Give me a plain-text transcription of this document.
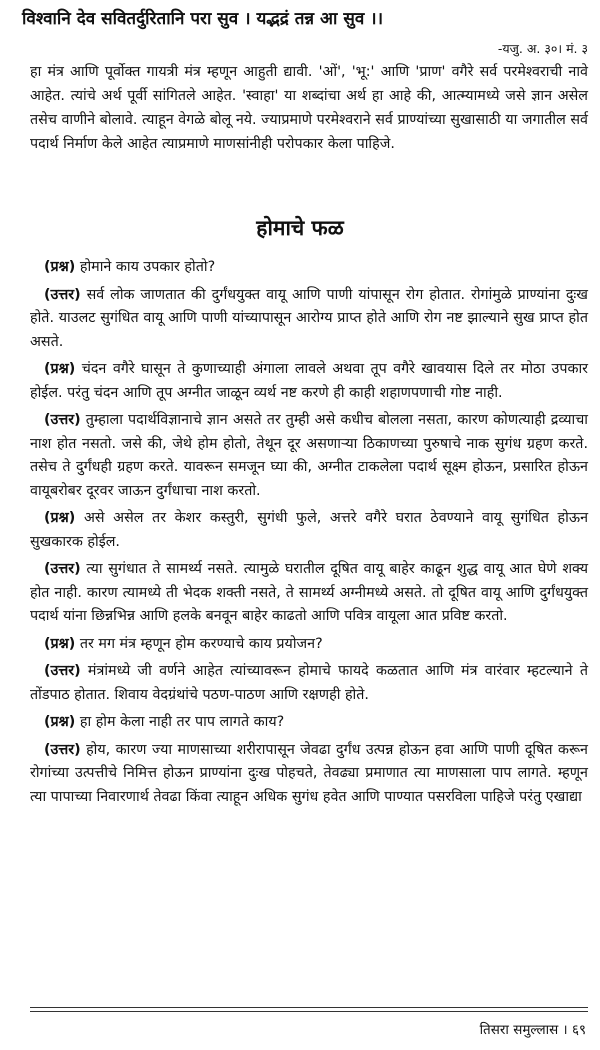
विश्वानि देव सवितर्दुरितानि परा सुव । यद्भद्रं तन्न आ सुव ।।
-यजु. अ. ३०। मं. ३

हा मंत्र आणि पूर्वोक्त गायत्री मंत्र म्हणून आहुती द्यावी. 'ओं', 'भू:' आणि 'प्राण' वगैरे सर्व परमेश्वराची नावे आहेत. त्यांचे अर्थ पूर्वी सांगितले आहेत. 'स्वाहा' या शब्दांचा अर्थ हा आहे की, आत्म्यामध्ये जसे ज्ञान असेल तसेच वाणीने बोलावे. त्याहून वेगळे बोलू नये. ज्याप्रमाणे परमेश्वराने सर्व प्राण्यांच्या सुखासाठी या जगातील सर्व पदार्थ निर्माण केले आहेत त्याप्रमाणे माणसांनीही परोपकार केला पाहिजे.

होमाचे फळ

(प्रश्न) होमाने काय उपकार होतो?

(उत्तर) सर्व लोक जाणतात की दुर्गंधयुक्त वायू आणि पाणी यांपासून रोग होतात. रोगांमुळे प्राण्यांना दुःख होते. याउलट सुगंधित वायू आणि पाणी यांच्यापासून आरोग्य प्राप्त होते आणि रोग नष्ट झाल्याने सुख प्राप्त होत असते.

(प्रश्न) चंदन वगैरे घासून ते कुणाच्याही अंगाला लावले अथवा तूप वगैरे खावयास दिले तर मोठा उपकार होईल. परंतु चंदन आणि तूप अग्नीत जाळून व्यर्थ नष्ट करणे ही काही शहाणपणाची गोष्ट नाही.

(उत्तर) तुम्हाला पदार्थविज्ञानाचे ज्ञान असते तर तुम्ही असे कधीच बोलला नसता, कारण कोणत्याही द्रव्याचा नाश होत नसतो. जसे की, जेथे होम होतो, तेथून दूर असणाऱ्या ठिकाणच्या पुरुषाचे नाक सुगंध ग्रहण करते. तसेच ते दुर्गंधही ग्रहण करते. यावरून समजून घ्या की, अग्नीत टाकलेला पदार्थ सूक्ष्म होऊन, प्रसारित होऊन वायूबरोबर दूरवर जाऊन दुर्गंधाचा नाश करतो.

(प्रश्न) असे असेल तर केशर कस्तुरी, सुगंधी फुले, अत्तरे वगैरे घरात ठेवण्याने वायू सुगंधित होऊन सुखकारक होईल.

(उत्तर) त्या सुगंधात ते सामर्थ्य नसते. त्यामुळे घरातील दूषित वायू बाहेर काढून शुद्ध वायू आत घेणे शक्य होत नाही. कारण त्यामध्ये ती भेदक शक्ती नसते, ते सामर्थ्य अग्नीमध्ये असते. तो दूषित वायू आणि दुर्गंधयुक्त पदार्थ यांना छिन्नभिन्न आणि हलके बनवून बाहेर काढतो आणि पवित्र वायूला आत प्रविष्ट करतो.

(प्रश्न) तर मग मंत्र म्हणून होम करण्याचे काय प्रयोजन?

(उत्तर) मंत्रांमध्ये जी वर्णने आहेत त्यांच्यावरून होमाचे फायदे कळतात आणि मंत्र वारंवार म्हटल्याने ते तोंडपाठ होतात. शिवाय वेदग्रंथांचे पठण-पाठण आणि रक्षणही होते.

(प्रश्न) हा होम केला नाही तर पाप लागते काय?

(उत्तर) होय, कारण ज्या माणसाच्या शरीरापासून जेवढा दुर्गंध उत्पन्न होऊन हवा आणि पाणी दूषित करून रोगांच्या उत्पत्तीचे निमित्त होऊन प्राण्यांना दुःख पोहचते, तेवढ्या प्रमाणात त्या माणसाला पाप लागते. म्हणून त्या पापाच्या निवारणार्थ तेवढा किंवा त्याहून अधिक सुगंध हवेत आणि पाण्यात पसरविला पाहिजे परंतु एखाद्या

तिसरा समुल्लास । ६९
